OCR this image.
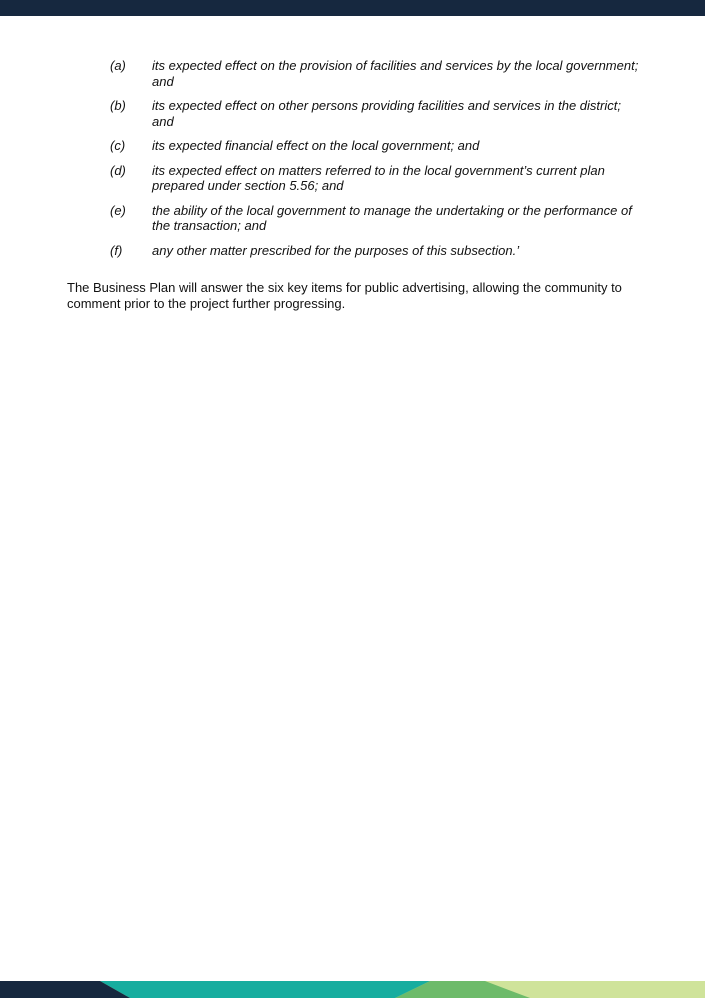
(a) its expected effect on the provision of facilities and services by the local government; and
(b) its expected effect on other persons providing facilities and services in the district; and
(c) its expected financial effect on the local government; and
(d) its expected effect on matters referred to in the local government’s current plan prepared under section 5.56; and
(e) the ability of the local government to manage the undertaking or the performance of the transaction; and
(f) any other matter prescribed for the purposes of this subsection.’

The Business Plan will answer the six key items for public advertising, allowing the community to comment prior to the project further progressing.
